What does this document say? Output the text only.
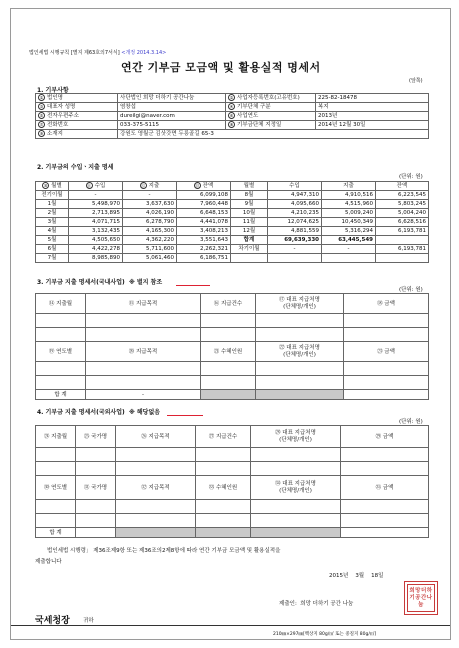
법인세법 시행규칙 [별지 제63호의7서식] <개정 2014.3.14>
연간 기부금 모금액 및 활용실적 명세서
(앞쪽)
1. 기부사항
① 법인명	사단법인 희망 더하기 공간나눔	② 사업자등록번호(고유번호)	225-82-18478
③ 대표자 성명	염창섭	④ 기부단체 구분	복지
⑤ 전자우편주소	dureilgi@naver.com	⑥ 사업연도	2013년
⑦ 전화번호	033-375-5115	⑧ 기부금단체 지정일	2014년 12월 30일
⑨ 소재지	강원도 영월군 김삿갓면 두릉골길 65-3		
2. 기부금의 수입ㆍ지출 명세
(단위: 원)
⑩ 월별	⑪ 수입	⑫ 지출	⑬ 잔액	월별	수입	지출	잔액
전기이월	-	-	6,099,108	8월	4,947,310	4,910,516	6,223,545
1월	5,498,970	3,637,630	7,960,448	9월	4,095,660	4,515,960	5,803,245
2월	2,713,895	4,026,190	6,648,153	10월	4,210,235	5,009,240	5,004,240
3월	4,071,715	6,278,790	4,441,078	11월	12,074,625	10,450,349	6,628,516
4월	3,132,435	4,165,300	3,408,213	12월	4,881,559	5,316,294	6,193,781
5월	4,505,650	4,362,220	3,551,643	합계	69,639,330	63,445,549	
6월	4,422,278	5,711,600	2,262,321	차기이월	-	-	6,193,781
7월	8,985,890	5,061,460	6,186,751				
3. 기부금 지출 명세서(국내사업) ※ 별지 참조
(단위: 원)
⑭ 지출월	⑮ 지급목적	⑯ 지급건수	⑰ 대표 지급처명
(단체명/개인)	⑱ 금액

⑲ 연도별	⑳ 지급목적	㉑ 수혜인원	㉒ 대표 지급처명
(단체명/개인)	㉓ 금액

합 계	-			
4. 기부금 지출 명세서(국외사업) ※ 해당없음
(단위: 원)
㉔ 지출월	㉕ 국가명	㉖ 지급목적	㉗ 지급건수	㉘ 대표 지급처명
(단체명/개인)	㉙ 금액

㉚ 연도별	㉛ 국가명	㉜ 지급목적	㉝ 수혜인원	㉞ 대표 지급처명
(단체명/개인)	㉟ 금액

합 계					
법인세법 시행령」 제36조제9항 또는 제36조의2제8항에 따라 연간 기부금 모금액 및 활용실적을
제출합니다
2015년 3월 18일
제출인: 희망 더하기 공간 나눔
희망더하기공간나눔
국세청장 귀하
210㎜×297㎜[백상지 80g/㎡ 또는 중질지 80g/㎡]
